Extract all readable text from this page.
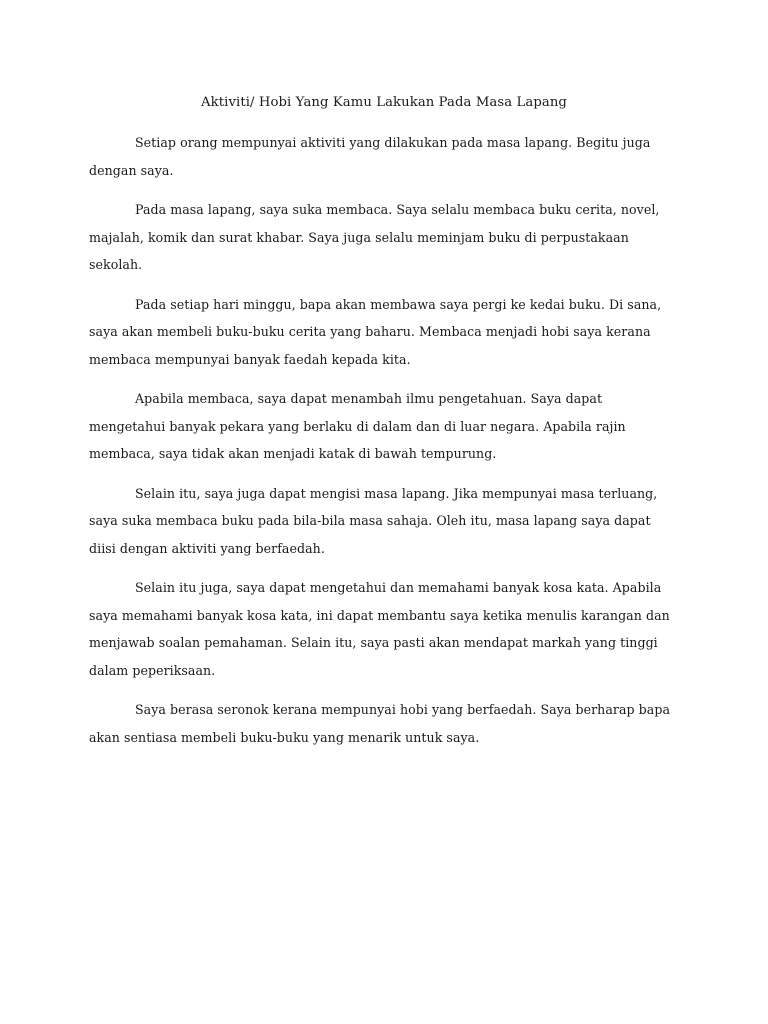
Aktiviti/ Hobi Yang Kamu Lakukan Pada Masa Lapang

Setiap orang mempunyai aktiviti yang dilakukan pada masa lapang. Begitu juga dengan saya.

Pada masa lapang, saya suka membaca. Saya selalu membaca buku cerita, novel, majalah, komik dan surat khabar. Saya juga selalu meminjam buku di perpustakaan sekolah.

Pada setiap hari minggu, bapa akan membawa saya pergi ke kedai buku. Di sana, saya akan membeli buku-buku cerita yang baharu. Membaca menjadi hobi saya kerana membaca mempunyai banyak faedah kepada kita.

Apabila membaca, saya dapat menambah ilmu pengetahuan. Saya dapat mengetahui banyak pekara yang berlaku di dalam dan di luar negara. Apabila rajin membaca, saya tidak akan menjadi katak di bawah tempurung.

Selain itu, saya juga dapat mengisi masa lapang. Jika mempunyai masa terluang, saya suka membaca buku pada bila-bila masa sahaja. Oleh itu, masa lapang saya dapat diisi dengan aktiviti yang berfaedah.

Selain itu juga, saya dapat mengetahui dan memahami banyak kosa kata. Apabila saya memahami banyak kosa kata, ini dapat membantu saya ketika menulis karangan dan menjawab soalan pemahaman. Selain itu, saya pasti akan mendapat markah yang tinggi dalam peperiksaan.

Saya berasa seronok kerana mempunyai hobi yang berfaedah. Saya berharap bapa akan sentiasa membeli buku-buku yang menarik untuk saya.
